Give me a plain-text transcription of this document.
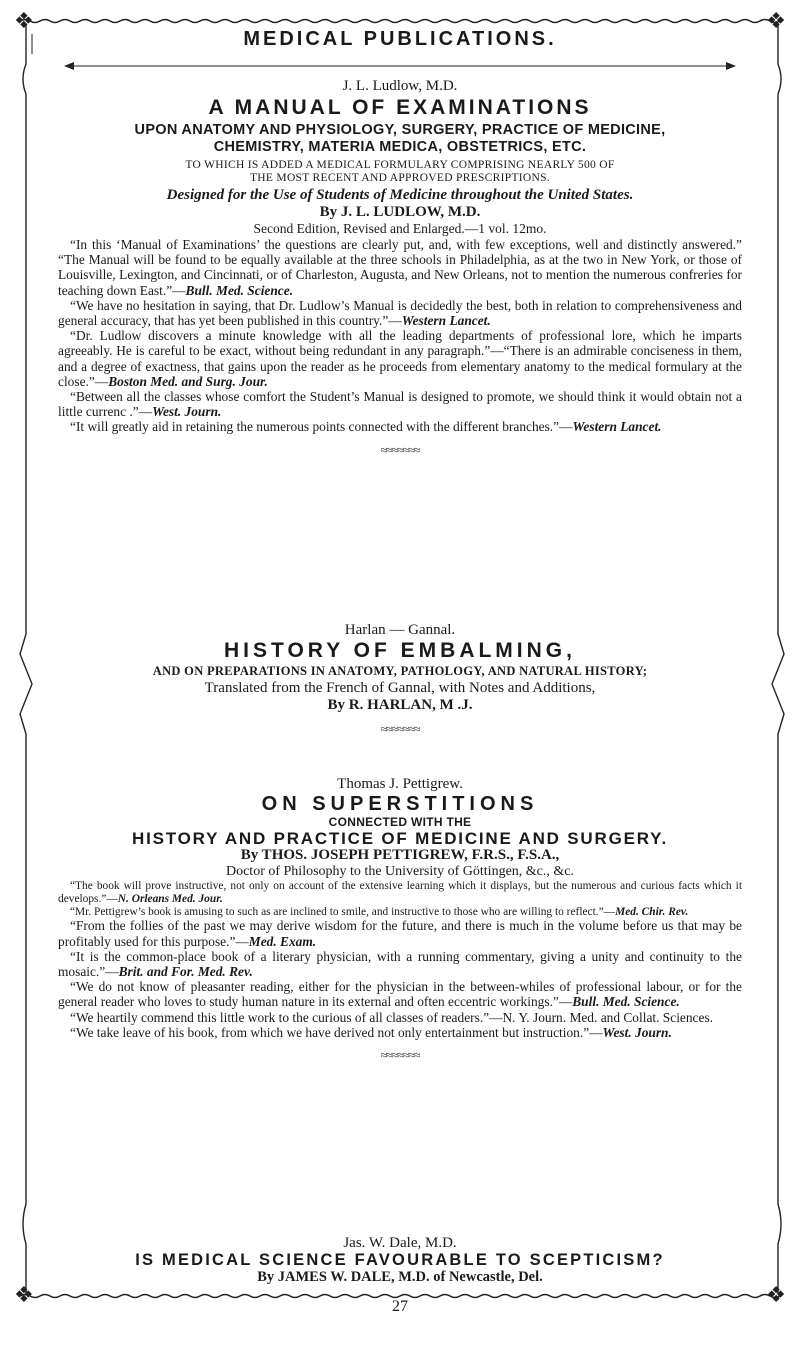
❖	❖
❖	❖
MEDICAL PUBLICATIONS.
J. L. Ludlow, M.D.
A MANUAL OF EXAMINATIONS
UPON ANATOMY AND PHYSIOLOGY, SURGERY, PRACTICE OF MEDICINE,
CHEMISTRY, MATERIA MEDICA, OBSTETRICS, ETC.
TO WHICH IS ADDED A MEDICAL FORMULARY COMPRISING NEARLY 500 OF
THE MOST RECENT AND APPROVED PRESCRIPTIONS.
Designed for the Use of Students of Medicine throughout the United States.
By J. L. LUDLOW, M.D.
Second Edition, Revised and Enlarged.—1 vol. 12mo.

“In this ‘Manual of Examinations’ the questions are clearly put, and, with few exceptions, well and distinctly answered.” “The Manual will be found to be equally available at the three schools in Philadelphia, as at the two in New York, or those of Louisville, Lexington, and Cincinnati, or of Charleston, Augusta, and New Orleans, not to mention the numerous confreries for teaching down East.”—Bull. Med. Science.

“We have no hesitation in saying, that Dr. Ludlow’s Manual is decidedly the best, both in relation to comprehensiveness and general accuracy, that has yet been published in this country.”—Western Lancet.

“Dr. Ludlow discovers a minute knowledge with all the leading departments of professional lore, which he imparts agreeably. He is careful to be exact, without being redundant in any paragraph.”—“There is an admirable conciseness in them, and a degree of exactness, that gains upon the reader as he proceeds from elementary anatomy to the medical formulary at the close.”—Boston Med. and Surg. Jour.

“Between all the classes whose comfort the Student’s Manual is designed to promote, we should think it would obtain not a little currenc .”—West. Journ.

“It will greatly aid in retaining the numerous points connected with the different branches.”—Western Lancet.

≈≈≈≈≈≈≈
Harlan — Gannal.
HISTORY OF EMBALMING,
AND ON PREPARATIONS IN ANATOMY, PATHOLOGY, AND NATURAL HISTORY;
Translated from the French of Gannal, with Notes and Additions,
By R. HARLAN, M .J.
≈≈≈≈≈≈≈
Thomas J. Pettigrew.
ON SUPERSTITIONS
CONNECTED WITH THE
HISTORY AND PRACTICE OF MEDICINE AND SURGERY.
By THOS. JOSEPH PETTIGREW, F.R.S., F.S.A.,
Doctor of Philosophy to the University of Göttingen, &c., &c.

“The book will prove instructive, not only on account of the extensive learning which it displays, but the numerous and curious facts which it develops.”—N. Orleans Med. Jour.

“Mr. Pettigrew’s book is amusing to such as are inclined to smile, and instructive to those who are willing to reflect.”—Med. Chir. Rev.

“From the follies of the past we may derive wisdom for the future, and there is much in the volume before us that may be profitably used for this purpose.”—Med. Exam.

“It is the common-place book of a literary physician, with a running commentary, giving a unity and continuity to the mosaic.”—Brit. and For. Med. Rev.

“We do not know of pleasanter reading, either for the physician in the between-whiles of professional labour, or for the general reader who loves to study human nature in its external and often eccentric workings.”—Bull. Med. Science.

“We heartily commend this little work to the curious of all classes of readers.”—N. Y. Journ. Med. and Collat. Sciences.

“We take leave of his book, from which we have derived not only entertainment but instruction.”—West. Journ.

≈≈≈≈≈≈≈
Jas. W. Dale, M.D.
IS MEDICAL SCIENCE FAVOURABLE TO SCEPTICISM?
By JAMES W. DALE, M.D. of Newcastle, Del.
27
